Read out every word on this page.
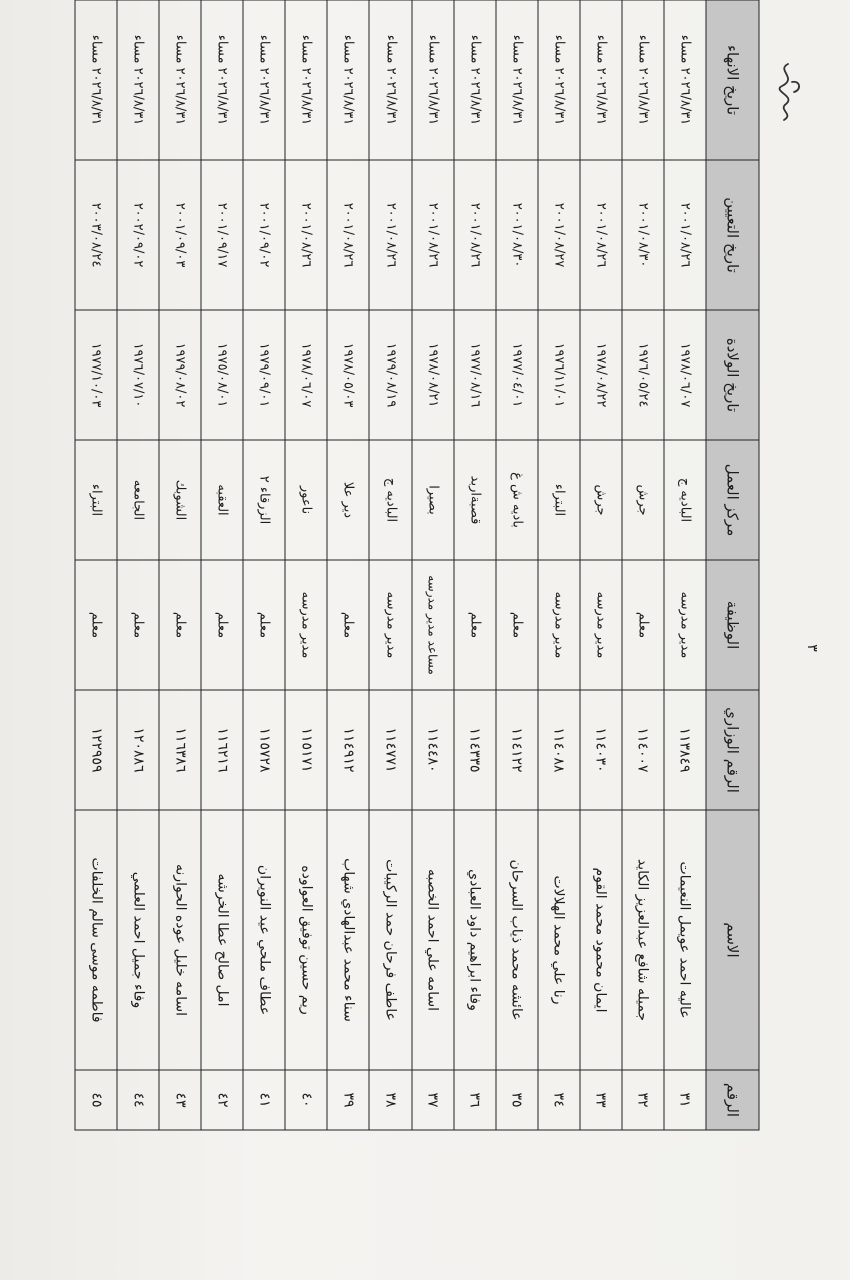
الرقم	الاسم	الرقم الوزاري	الوظيفة	مركز العمل	تاريخ الولادة	تاريخ التعيين	تاريخ الانهاء
٣١	عاليه احمد عويمل النعيمات	١١٣٨٤٩	مدير مدرسه	الباديه ج	١٩٧٨/٠٦/٠٧	٢٠٠١/٠٨/٢٦	٢٠٢٦/٨/٣١ مساء
٣٢	جميله شافع عبدالعزيز الكايد	١١٤٠٠٧	معلم	جرش	١٩٧٦/٠٥/٢٤	٢٠٠١/٠٨/٣٠	٢٠٢٦/٨/٣١ مساء
٣٣	ايمان محمود محمد القوم	١١٤٠٣٠	مدير مدرسه	جرش	١٩٧٨/٠٨/٢٢	٢٠٠١/٠٨/٢٦	٢٠٢٦/٨/٣١ مساء
٣٤	رنا علي محمد الهلالات	١١٤٠٨٨	مدير مدرسه	البتراء	١٩٧٦/١١/٠١	٢٠٠١/٠٨/٢٧	٢٠٢٦/٨/٣١ مساء
٣٥	عائشه محمد ذياب السرحان	١١٤١٢٢	معلم	باديه ش غ	١٩٧٧/٠٤/٠١	٢٠٠١/٠٨/٣٠	٢٠٢٦/٨/٣١ مساء
٣٦	وفاء ابراهيم داود العبادي	١١٤٣٣٥	معلم	قصبةاربد	١٩٧٧/٠٨/١٦	٢٠٠١/٠٨/٢٦	٢٠٢٦/٨/٣١ مساء
٣٧	اسامه علي احمد الخصبه	١١٤٤٨٠	مساعد مدير مدرسه	بصيرا	١٩٧٨/٠٨/٢١	٢٠٠١/٠٨/٢٦	٢٠٢٦/٨/٣١ مساء
٣٨	عاطف فرحان حمد الركيبات	١١٤٧٧١	مدير مدرسه	الباديه ج	١٩٧٩/٠٨/١٩	٢٠٠١/٠٨/٢٦	٢٠٢٦/٨/٣١ مساء
٣٩	سناء محمد عبدالهادي شهاب	١١٤٩١٢	معلم	دير علا	١٩٧٨/٠٥/٠٣	٢٠٠١/٠٨/٢٦	٢٠٢٦/٨/٣١ مساء
٤٠	ريم حسين توفيق العواوده	١١٥١٧١	مدير مدرسه	ناعور	١٩٧٨/٠٦/٠٧	٢٠٠١/٠٨/٢٦	٢٠٢٦/٨/٣١ مساء
٤١	عطاف ملحي عيد النويران	١١٥٧٢٨	معلم	الزرقاء ٢	١٩٧٩/٠٩/٠١	٢٠٠١/٠٩/٠٢	٢٠٢٦/٨/٣١ مساء
٤٢	امل صالح عطا الخرشه	١١٦٢١٦	معلم	العقبه	١٩٧٥/٠٨/٠١	٢٠٠١/٠٩/١٧	٢٠٢٦/٨/٣١ مساء
٤٣	اسامه خليل عوده الحوارنه	١١٦٣٨٦	معلم	الشوبك	١٩٧٩/٠٨/٠٢	٢٠٠١/٠٩/٠٣	٢٠٢٦/٨/٣١ مساء
٤٤	وفاء جميل احمد العلمي	١٢٠٨٨٦	معلم	الجامعه	١٩٧٦/٠٧/١٠	٢٠٠٢/٠٩/٠٢	٢٠٢٦/٨/٣١ مساء
٤٥	فاطمه موسى سالم الخلفات	١٢٢٩٥٩	معلم	البتراء	١٩٧٧/١٠/٠٣	٢٠٠٣/٠٨/٢٤	٢٠٢٦/٨/٣١ مساء
٣
